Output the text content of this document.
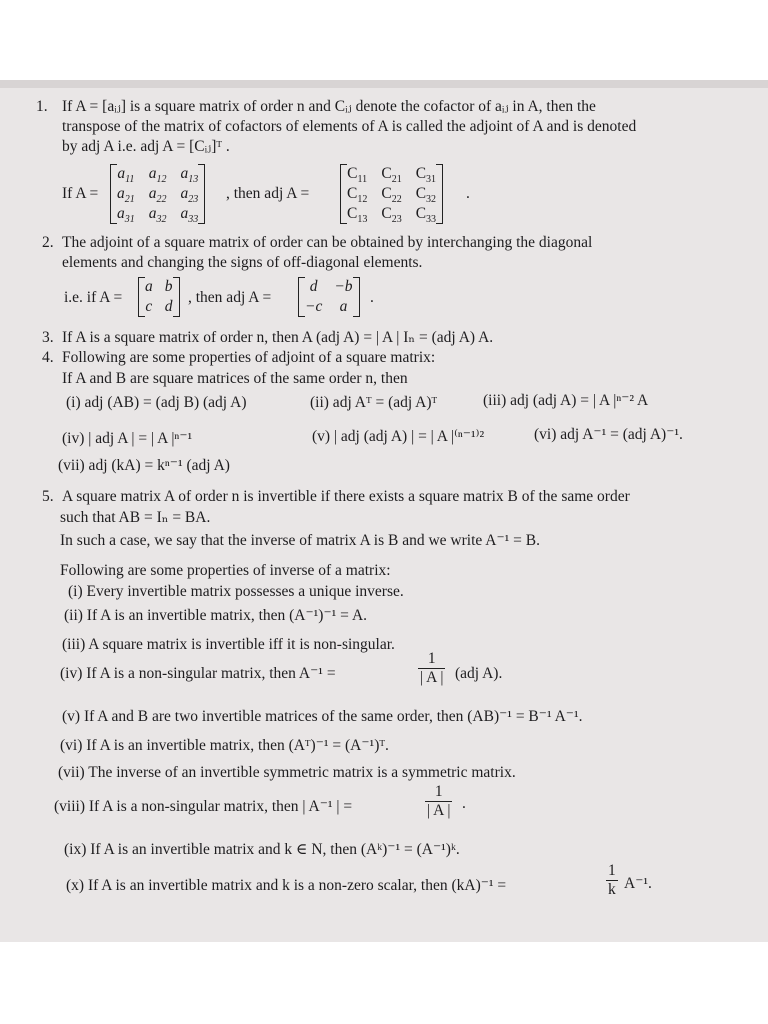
1. If A = [aᵢⱼ] is a square matrix of order n and Cᵢⱼ denote the cofactor of aᵢⱼ in A, then the
transpose of the matrix of cofactors of elements of A is called the adjoint of A and is denoted
by adj A i.e. adj A = [Cᵢⱼ]ᵀ .
If A =
$a_{11}$ $a_{12}$ $a_{13}$
$a_{21}$ $a_{22}$ $a_{23}$
$a_{31}$ $a_{32}$ $a_{33}$
, then adj A =
$C_{11}$ $C_{21}$ $C_{31}$
$C_{12}$ $C_{22}$ $C_{32}$
$C_{13}$ $C_{23}$ $C_{33}$
.
2. The adjoint of a square matrix of order can be obtained by interchanging the diagonal
elements and changing the signs of off-diagonal elements.
i.e. if A =
a b
c d
, then adj A =
d	−b
−c	a
.
3. If A is a square matrix of order n, then A (adj A) = | A | Iₙ = (adj A) A.
4. Following are some properties of adjoint of a square matrix:
If A and B are square matrices of the same order n, then
(i) adj (AB) = (adj B) (adj A)	(ii) adj Aᵀ = (adj A)ᵀ	(iii) adj (adj A) = | A |ⁿ⁻² A
(iv) | adj A | = | A |ⁿ⁻¹	(v) | adj (adj A) | = | A |⁽ⁿ⁻¹⁾²	(vi) adj A⁻¹ = (adj A)⁻¹.
(vii) adj (kA) = kⁿ⁻¹ (adj A)
5. A square matrix A of order n is invertible if there exists a square matrix B of the same order
such that AB = Iₙ = BA.
In such a case, we say that the inverse of matrix A is B and we write A⁻¹ = B.
Following are some properties of inverse of a matrix:
(i) Every invertible matrix possesses a unique inverse.
(ii) If A is an invertible matrix, then (A⁻¹)⁻¹ = A.
(iii) A square matrix is invertible iff it is non-singular.
(iv) If A is a non-singular matrix, then A⁻¹ =	$\frac{1}{| A |} (adj$ A).
(v) If A and B are two invertible matrices of the same order, then (AB)⁻¹ = B⁻¹ A⁻¹.
(vi) If A is an invertible matrix, then (Aᵀ)⁻¹ = (A⁻¹)ᵀ.
(vii) The inverse of an invertible symmetric matrix is a symmetric matrix.
(viii) If A is a non-singular matrix, then | A⁻¹ | =	$\frac{1}{| A |}$ .
(ix) If A is an invertible matrix and k ∈ N, then (Aᵏ)⁻¹ = (A⁻¹)ᵏ.
(x) If A is an invertible matrix and k is a non-zero scalar, then (kA)⁻¹ =	$\frac{1}{k} A^{-1}$.
